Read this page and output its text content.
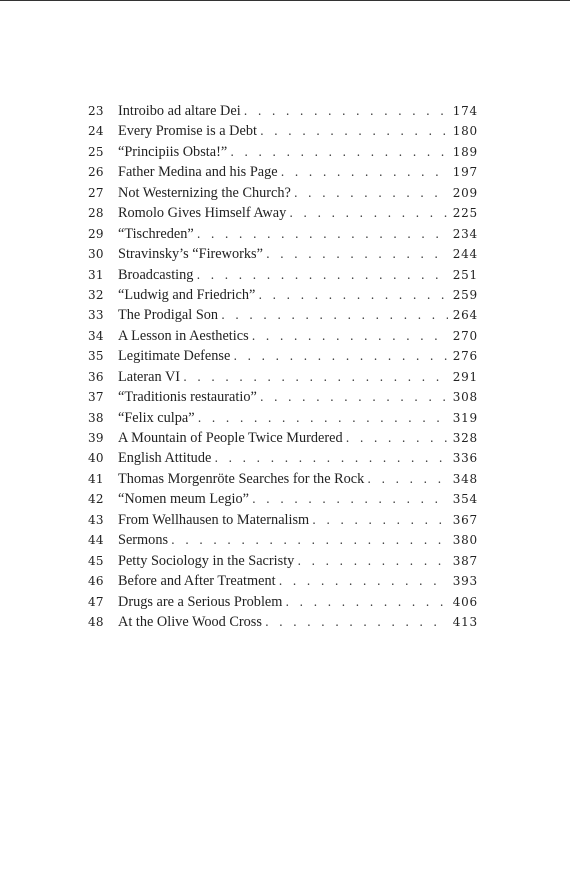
23 Introibo ad altare Dei . . .	174
24 Every Promise is a Debt . . .	180
25 “Principiis Obsta!” . . .	189
26 Father Medina and his Page . . .	197
27 Not Westernizing the Church? . . .	209
28 Romolo Gives Himself Away . . .	225
29 “Tischreden” . . .	234
30 Stravinsky’s “Fireworks” . . .	244
31 Broadcasting . . .	251
32 “Ludwig and Friedrich” . . .	259
33 The Prodigal Son . . .	264
34 A Lesson in Aesthetics . . .	270
35 Legitimate Defense . . .	276
36 Lateran VI . . .	291
37 “Traditionis restauratio” . . .	308
38 “Felix culpa” . . .	319
39 A Mountain of People Twice Murdered . . .	328
40 English Attitude . . .	336
41 Thomas Morgenröte Searches for the Rock . . .	348
42 “Nomen meum Legio” . . .	354
43 From Wellhausen to Maternalism . . .	367
44 Sermons . . .	380
45 Petty Sociology in the Sacristy . . .	387
46 Before and After Treatment . . .	393
47 Drugs are a Serious Problem . . .	406
48 At the Olive Wood Cross . . .	413
